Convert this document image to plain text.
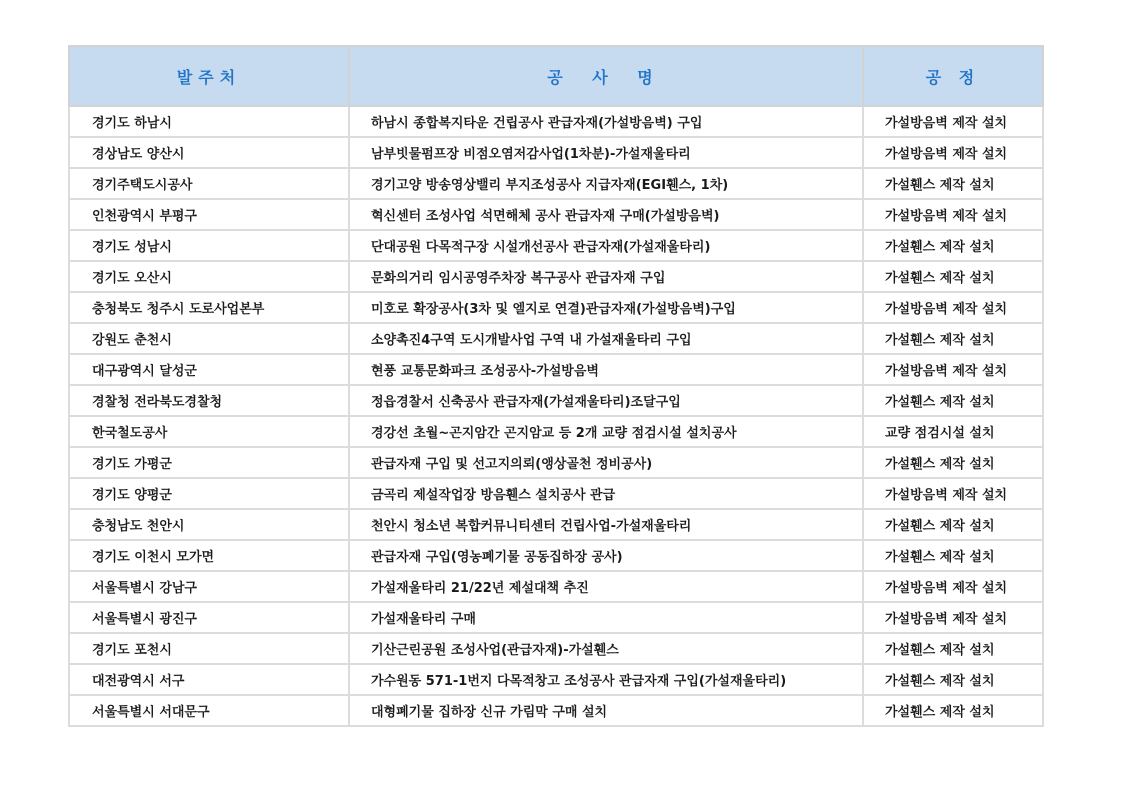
발주처	공 사 명	공 정
경기도 하남시	하남시 종합복지타운 건립공사 관급자재(가설방음벽) 구입	가설방음벽 제작 설치
경상남도 양산시	남부빗물펌프장 비점오염저감사업(1차분)-가설재울타리	가설방음벽 제작 설치
경기주택도시공사	경기고양 방송영상밸리 부지조성공사 지급자재(EGI휀스, 1차)	가설휀스 제작 설치
인천광역시 부평구	혁신센터 조성사업 석면해체 공사 관급자재 구매(가설방음벽)	가설방음벽 제작 설치
경기도 성남시	단대공원 다목적구장 시설개선공사 관급자재(가설재울타리)	가설휀스 제작 설치
경기도 오산시	문화의거리 임시공영주차장 복구공사 관급자재 구입	가설휀스 제작 설치
충청북도 청주시 도로사업본부	미호로 확장공사(3차 및 엘지로 연결)관급자재(가설방음벽)구입	가설방음벽 제작 설치
강원도 춘천시	소양촉진4구역 도시개발사업 구역 내 가설재울타리 구입	가설휀스 제작 설치
대구광역시 달성군	현풍 교통문화파크 조성공사-가설방음벽	가설방음벽 제작 설치
경찰청 전라북도경찰청	정읍경찰서 신축공사 관급자재(가설재울타리)조달구입	가설휀스 제작 설치
한국철도공사	경강선 초월~곤지암간 곤지암교 등 2개 교량 점검시설 설치공사	교량 점검시설 설치
경기도 가평군	관급자재 구입 및 선고지의뢰(앵상골천 정비공사)	가설휀스 제작 설치
경기도 양평군	금곡리 제설작업장 방음휀스 설치공사 관급	가설방음벽 제작 설치
충청남도 천안시	천안시 청소년 복합커뮤니티센터 건립사업-가설재울타리	가설휀스 제작 설치
경기도 이천시 모가면	관급자재 구입(영농폐기물 공동집하장 공사)	가설휀스 제작 설치
서울특별시 강남구	가설재울타리 21/22년 제설대책 추진	가설방음벽 제작 설치
서울특별시 광진구	가설재울타리 구매	가설방음벽 제작 설치
경기도 포천시	기산근린공원 조성사업(관급자재)-가설휀스	가설휀스 제작 설치
대전광역시 서구	가수원동 571-1번지 다목적창고 조성공사 관급자재 구입(가설재울타리)	가설휀스 제작 설치
서울특별시 서대문구	대형폐기물 집하장 신규 가림막 구매 설치	가설휀스 제작 설치
